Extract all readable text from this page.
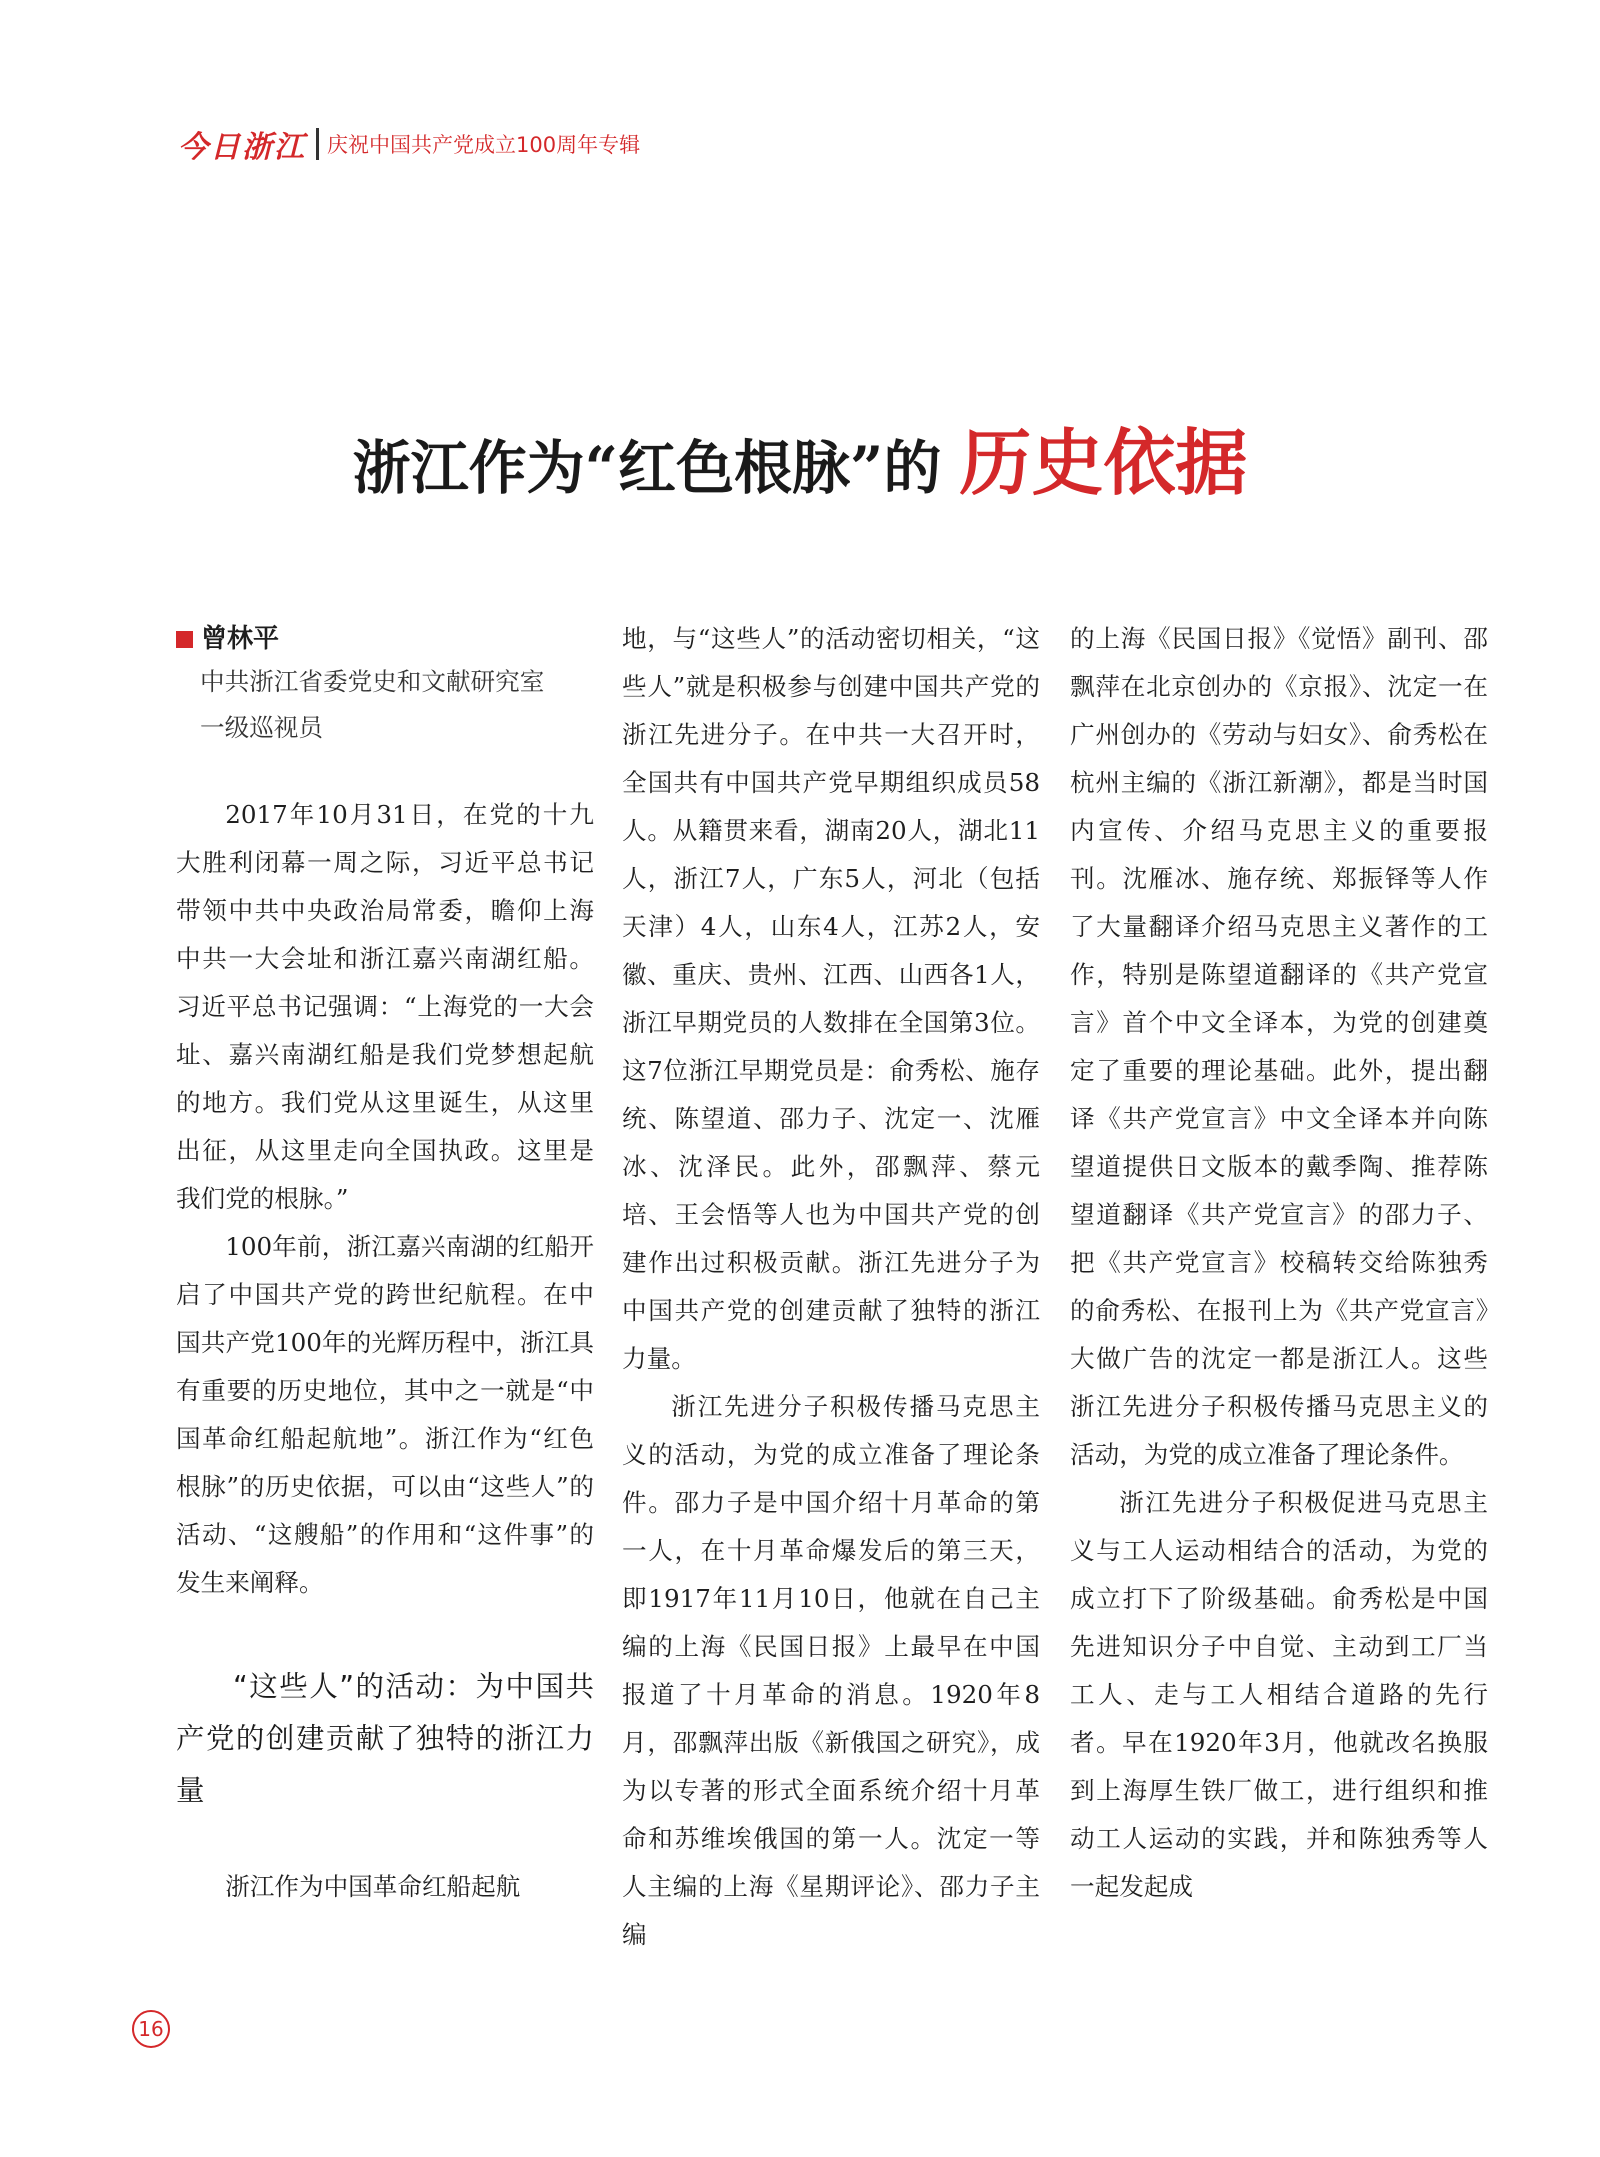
今日浙江 庆祝中国共产党成立100周年专辑
浙江作为“红色根脉”的 历史依据
曾林平
中共浙江省委党史和文献研究室
一级巡视员

2017年10月31日，在党的十九大胜利闭幕一周之际，习近平总书记带领中共中央政治局常委，瞻仰上海中共一大会址和浙江嘉兴南湖红船。习近平总书记强调：“上海党的一大会址、嘉兴南湖红船是我们党梦想起航的地方。我们党从这里诞生，从这里出征，从这里走向全国执政。这里是我们党的根脉。”

100年前，浙江嘉兴南湖的红船开启了中国共产党的跨世纪航程。在中国共产党100年的光辉历程中，浙江具有重要的历史地位，其中之一就是“中国革命红船起航地”。浙江作为“红色根脉”的历史依据，可以由“这些人”的活动、“这艘船”的作用和“这件事”的发生来阐释。

“这些人”的活动：为中国共产党的创建贡献了独特的浙江力量

浙江作为中国革命红船起航

地，与“这些人”的活动密切相关，“这些人”就是积极参与创建中国共产党的浙江先进分子。在中共一大召开时，全国共有中国共产党早期组织成员58人。从籍贯来看，湖南20人，湖北11人，浙江7人，广东5人，河北（包括天津）4人，山东4人，江苏2人，安徽、重庆、贵州、江西、山西各1人，浙江早期党员的人数排在全国第3位。这7位浙江早期党员是：俞秀松、施存统、陈望道、邵力子、沈定一、沈雁冰、沈泽民。此外，邵飘萍、蔡元培、王会悟等人也为中国共产党的创建作出过积极贡献。浙江先进分子为中国共产党的创建贡献了独特的浙江力量。

浙江先进分子积极传播马克思主义的活动，为党的成立准备了理论条件。邵力子是中国介绍十月革命的第一人，在十月革命爆发后的第三天，即1917年11月10日，他就在自己主编的上海《民国日报》上最早在中国报道了十月革命的消息。1920年8月，邵飘萍出版《新俄国之研究》，成为以专著的形式全面系统介绍十月革命和苏维埃俄国的第一人。沈定一等人主编的上海《星期评论》、邵力子主编

的上海《民国日报》《觉悟》副刊、邵飘萍在北京创办的《京报》、沈定一在广州创办的《劳动与妇女》、俞秀松在杭州主编的《浙江新潮》，都是当时国内宣传、介绍马克思主义的重要报刊。沈雁冰、施存统、郑振铎等人作了大量翻译介绍马克思主义著作的工作，特别是陈望道翻译的《共产党宣言》首个中文全译本，为党的创建奠定了重要的理论基础。此外，提出翻译《共产党宣言》中文全译本并向陈望道提供日文版本的戴季陶、推荐陈望道翻译《共产党宣言》的邵力子、把《共产党宣言》校稿转交给陈独秀的俞秀松、在报刊上为《共产党宣言》大做广告的沈定一都是浙江人。这些浙江先进分子积极传播马克思主义的活动，为党的成立准备了理论条件。

浙江先进分子积极促进马克思主义与工人运动相结合的活动，为党的成立打下了阶级基础。俞秀松是中国先进知识分子中自觉、主动到工厂当工人、走与工人相结合道路的先行者。早在1920年3月，他就改名换服到上海厚生铁厂做工，进行组织和推动工人运动的实践，并和陈独秀等人一起发起成

16
